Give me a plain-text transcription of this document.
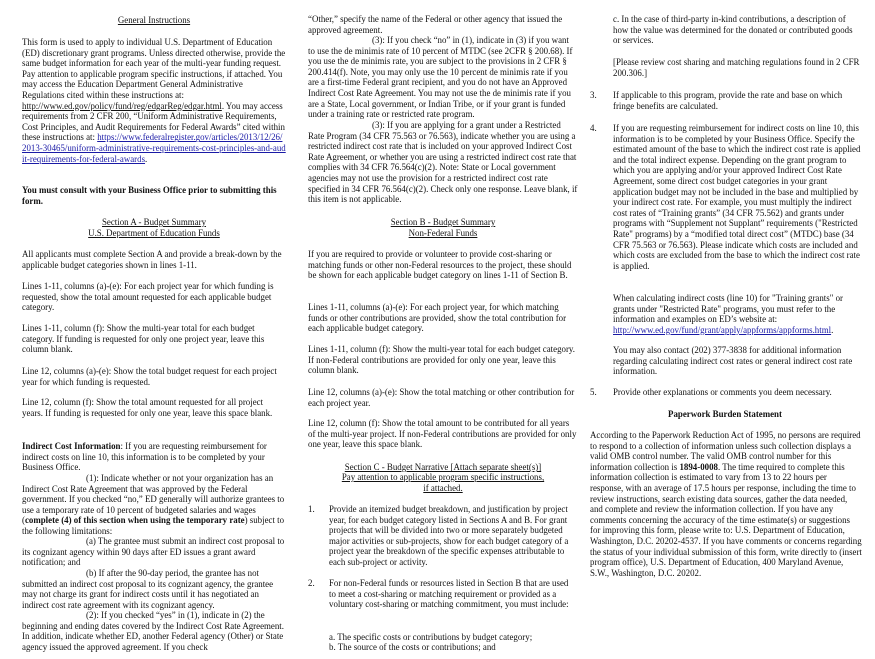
General Instructions

This form is used to apply to individual U.S. Department of Education (ED) discretionary grant programs. Unless directed otherwise, provide the same budget information for each year of the multi-year funding request. Pay attention to applicable program specific instructions, if attached. You may access the Education Department General Administrative Regulations cited within these instructions at: http://www.ed.gov/policy/fund/reg/edgarReg/edgar.html. You may access requirements from 2 CFR 200, “Uniform Administrative Requirements, Cost Principles, and Audit Requirements for Federal Awards” cited within these instructions at: https://www.federalregister.gov/articles/2013/12/26/2013-30465/uniform-administrative-requirements-cost-principles-and-audit-requirements-for-federal-awards.

You must consult with your Business Office prior to submitting this form.

Section A - Budget Summary
U.S. Department of Education Funds

All applicants must complete Section A and provide a break-down by the applicable budget categories shown in lines 1-11.

Lines 1-11, columns (a)-(e): For each project year for which funding is requested, show the total amount requested for each applicable budget category.

Lines 1-11, column (f): Show the multi-year total for each budget category. If funding is requested for only one project year, leave this column blank.

Line 12, columns (a)-(e): Show the total budget request for each project year for which funding is requested.

Line 12, column (f): Show the total amount requested for all project years. If funding is requested for only one year, leave this space blank.

Indirect Cost Information: If you are requesting reimbursement for indirect costs on line 10, this information is to be completed by your Business Office.

(1): Indicate whether or not your organization has an Indirect Cost Rate Agreement that was approved by the Federal government. If you checked “no,” ED generally will authorize grantees to use a temporary rate of 10 percent of budgeted salaries and wages (complete (4) of this section when using the temporary rate) subject to the following limitations:

(a) The grantee must submit an indirect cost proposal to its cognizant agency within 90 days after ED issues a grant award notification; and

(b) If after the 90-day period, the grantee has not submitted an indirect cost proposal to its cognizant agency, the grantee may not charge its grant for indirect costs until it has negotiated an indirect cost rate agreement with its cognizant agency.

(2): If you checked “yes” in (1), indicate in (2) the beginning and ending dates covered by the Indirect Cost Rate Agreement. In addition, indicate whether ED, another Federal agency (Other) or State agency issued the approved agreement. If you check

“Other,” specify the name of the Federal or other agency that issued the approved agreement.

(3): If you check “no” in (1), indicate in (3) if you want to use the de minimis rate of 10 percent of MTDC (see 2CFR § 200.68). If you use the de minimis rate, you are subject to the provisions in 2 CFR § 200.414(f). Note, you may only use the 10 percent de minimis rate if you are a first-time Federal grant recipient, and you do not have an Approved Indirect Cost Rate Agreement. You may not use the de minimis rate if you are a State, Local government, or Indian Tribe, or if your grant is funded under a training rate or restricted rate program.

(3): If you are applying for a grant under a Restricted Rate Program (34 CFR 75.563 or 76.563), indicate whether you are using a restricted indirect cost rate that is included on your approved Indirect Cost Rate Agreement, or whether you are using a restricted indirect cost rate that complies with 34 CFR 76.564(c)(2). Note: State or Local government agencies may not use the provision for a restricted indirect cost rate specified in 34 CFR 76.564(c)(2). Check only one response. Leave blank, if this item is not applicable.

Section B - Budget Summary
Non-Federal Funds

If you are required to provide or volunteer to provide cost-sharing or matching funds or other non-Federal resources to the project, these should be shown for each applicable budget category on lines 1-11 of Section B.

Lines 1-11, columns (a)-(e): For each project year, for which matching funds or other contributions are provided, show the total contribution for each applicable budget category.

Lines 1-11, column (f): Show the multi-year total for each budget category. If non-Federal contributions are provided for only one year, leave this column blank.

Line 12, columns (a)-(e): Show the total matching or other contribution for each project year.

Line 12, column (f): Show the total amount to be contributed for all years of the multi-year project. If non-Federal contributions are provided for only one year, leave this space blank.

Section C - Budget Narrative [Attach separate sheet(s)]
Pay attention to applicable program specific instructions,
if attached.
1. Provide an itemized budget breakdown, and justification by project year, for each budget category listed in Sections A and B. For grant projects that will be divided into two or more separately budgeted major activities or sub-projects, show for each budget category of a project year the breakdown of the specific expenses attributable to each sub-project or activity.
2. For non-Federal funds or resources listed in Section B that are used to meet a cost-sharing or matching requirement or provided as a voluntary cost-sharing or matching commitment, you must include:

a. The specific costs or contributions by budget category;

b. The source of the costs or contributions; and

c. In the case of third-party in-kind contributions, a description of how the value was determined for the donated or contributed goods or services.

[Please review cost sharing and matching regulations found in 2 CFR 200.306.]

3. If applicable to this program, provide the rate and base on which fringe benefits are calculated.
4. If you are requesting reimbursement for indirect costs on line 10, this information is to be completed by your Business Office. Specify the estimated amount of the base to which the indirect cost rate is applied and the total indirect expense. Depending on the grant program to which you are applying and/or your approved Indirect Cost Rate Agreement, some direct cost budget categories in your grant application budget may not be included in the base and multiplied by your indirect cost rate. For example, you must multiply the indirect cost rates of “Training grants” (34 CFR 75.562) and grants under programs with “Supplement not Supplant” requirements ("Restricted Rate" programs) by a “modified total direct cost” (MTDC) base (34 CFR 75.563 or 76.563). Please indicate which costs are included and which costs are excluded from the base to which the indirect cost rate is applied.

When calculating indirect costs (line 10) for "Training grants" or grants under "Restricted Rate" programs, you must refer to the information and examples on ED’s website at: http://www.ed.gov/fund/grant/apply/appforms/appforms.html.

You may also contact (202) 377-3838 for additional information regarding calculating indirect cost rates or general indirect cost rate information.

5. Provide other explanations or comments you deem necessary.
Paperwork Burden Statement

According to the Paperwork Reduction Act of 1995, no persons are required to respond to a collection of information unless such collection displays a valid OMB control number. The valid OMB control number for this information collection is 1894-0008. The time required to complete this information collection is estimated to vary from 13 to 22 hours per response, with an average of 17.5 hours per response, including the time to review instructions, search existing data sources, gather the data needed, and complete and review the information collection. If you have any comments concerning the accuracy of the time estimate(s) or suggestions for improving this form, please write to: U.S. Department of Education, Washington, D.C. 20202-4537. If you have comments or concerns regarding the status of your individual submission of this form, write directly to (insert program office), U.S. Department of Education, 400 Maryland Avenue, S.W., Washington, D.C. 20202.
